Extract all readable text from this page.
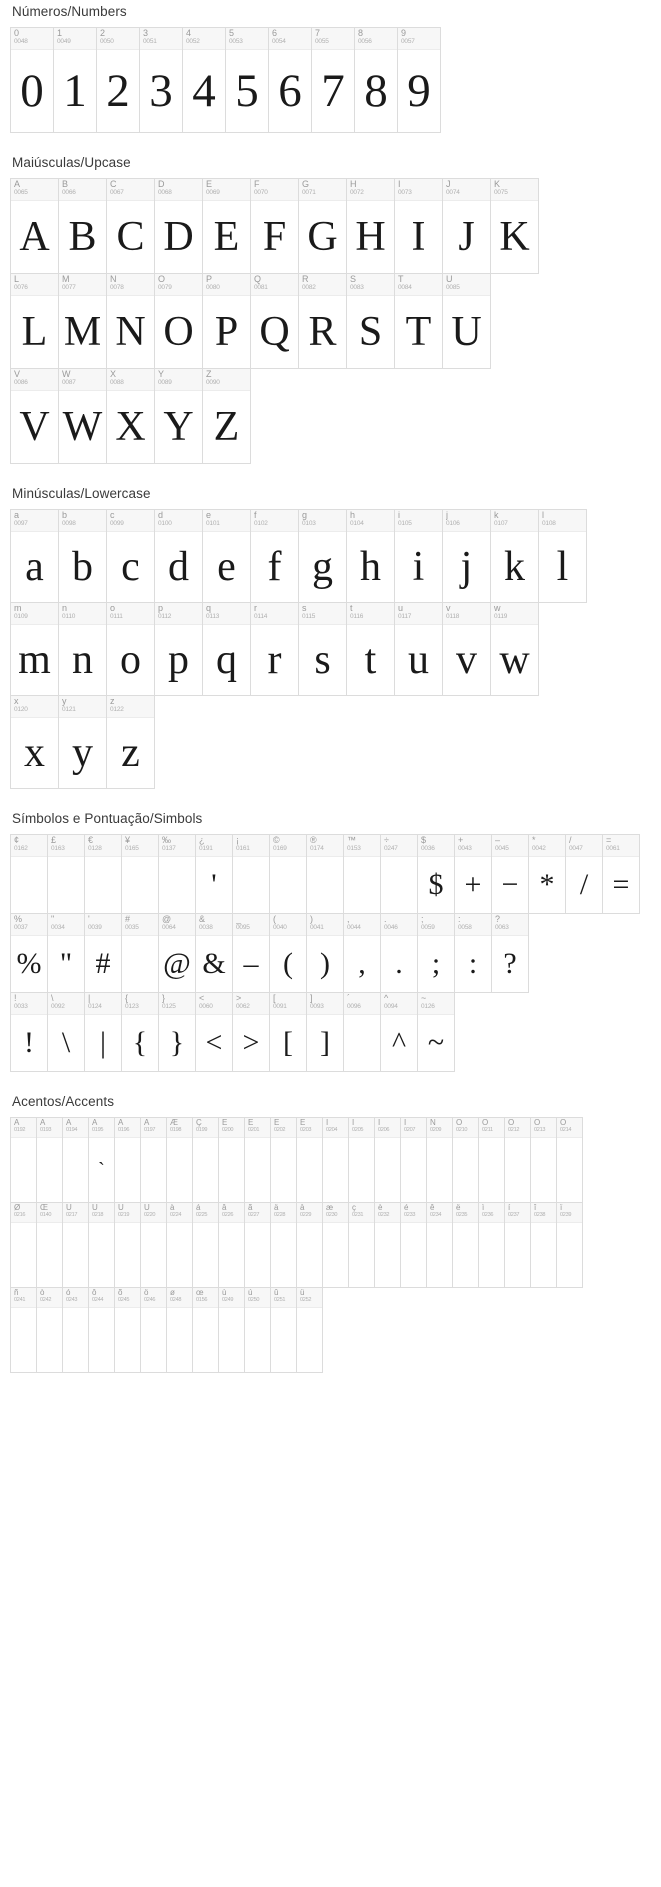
Números/Numbers
0
0048
0
1
0049
1
2
0050
2
3
0051
3
4
0052
4
5
0053
5
6
0054
6
7
0055
7
8
0056
8
9
0057
9
Maiúsculas/Upcase
A
0065
A
B
0066
B
C
0067
C
D
0068
D
E
0069
E
F
0070
F
G
0071
G
H
0072
H
I
0073
I
J
0074
J
K
0075
K
L
0076
L
M
0077
M
N
0078
N
O
0079
O
P
0080
P
Q
0081
Q
R
0082
R
S
0083
S
T
0084
T
U
0085
U
V
0086
V
W
0087
W
X
0088
X
Y
0089
Y
Z
0090
Z
Minúsculas/Lowercase
a
0097
a
b
0098
b
c
0099
c
d
0100
d
e
0101
e
f
0102
f
g
0103
g
h
0104
h
i
0105
i
j
0106
j
k
0107
k
l
0108
l
m
0109
m
n
0110
n
o
0111
o
p
0112
p
q
0113
q
r
0114
r
s
0115
s
t
0116
t
u
0117
u
v
0118
v
w
0119
w
x
0120
x
y
0121
y
z
0122
z
Símbolos e Pontuação/Simbols
¢
0162
£
0163
€
0128
¥
0165
‰
0137
¿
0191
'
¡
0161
©
0169
®
0174
™
0153
÷
0247
$
0036
$
+
0043
+
–
0045
−
*
0042
*
/
0047
/
=
0061
=
%
0037
%
"
0034
"
'
0039
#
#
0035
@
0064
@
&
0038
&
_
0095
–
(
0040
(
)
0041
)
,
0044
,
.
0046
.
;
0059
;
:
0058
:
?
0063
?
!
0033
!
\
0092
\
|
0124
|
{
0123
{
}
0125
}
<
0060
<
>
0062
>
[
0091
[
]
0093
]
´
0096
^
0094
^
~
0126
~
Acentos/Accents
À
0192
Á
0193
Â
0194
Ã
0195
`
Ä
0196
Å
0197
Æ
0198
Ç
0199
È
0200
É
0201
Ê
0202
Ë
0203
Ì
0204
Í
0205
Î
0206
Ï
0207
Ñ
0209
Ò
0210
Ó
0211
Ô
0212
Õ
0213
Ö
0214
Ø
0216
Œ
0140
Ù
0217
Ú
0218
Û
0219
Ü
0220
à
0224
á
0225
â
0226
ã
0227
ä
0228
å
0229
æ
0230
ç
0231
è
0232
é
0233
ê
0234
ë
0235
ì
0236
í
0237
î
0238
ï
0239
ñ
0241
ò
0242
ó
0243
ô
0244
õ
0245
ö
0246
ø
0248
œ
0156
ù
0249
ú
0250
û
0251
ü
0252
